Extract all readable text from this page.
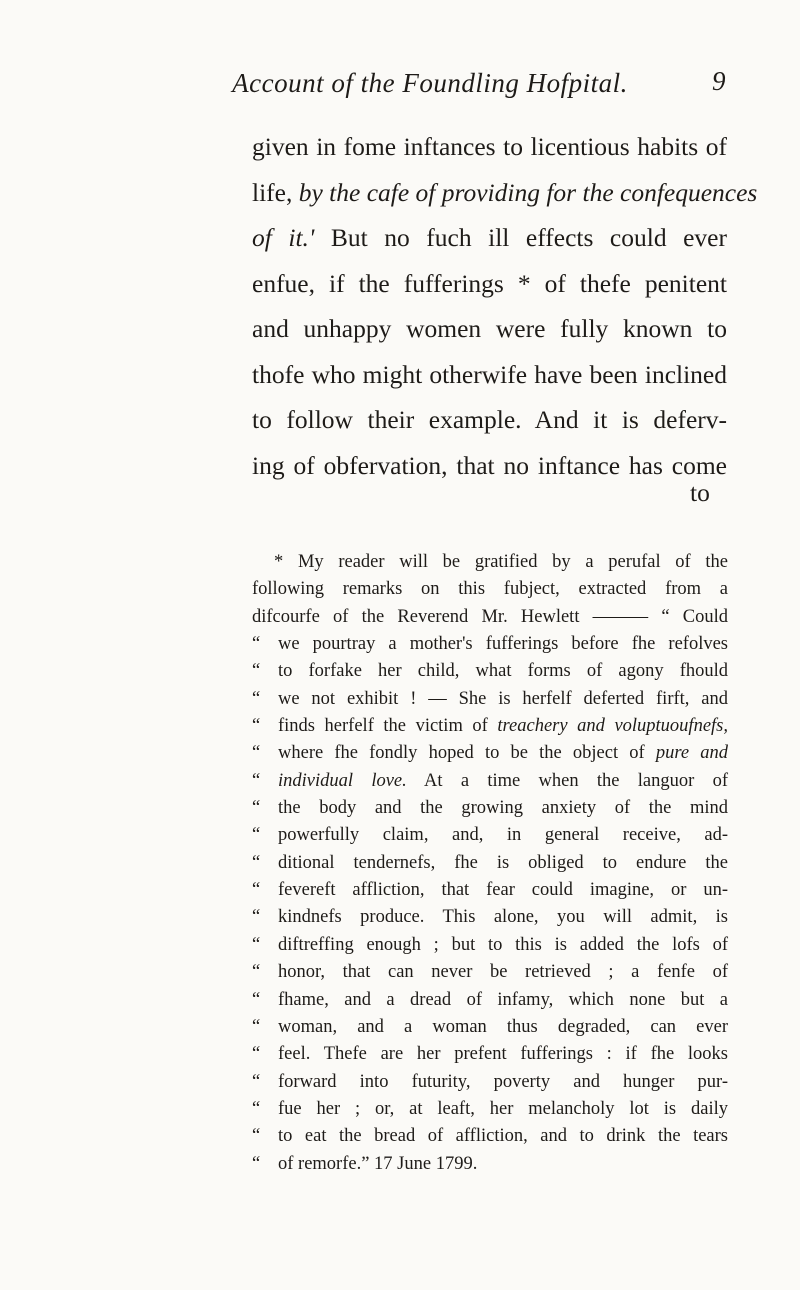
Account of the Foundling Hofpital.	9
given in fome inftances to licentious habits of
life, by the cafe of providing for the confequences
of it.' But no fuch ill effects could ever
enfue, if the fufferings * of thefe penitent
and unhappy women were fully known to
thofe who might otherwife have been inclined
to follow their example. And it is deferv-
ing of obfervation, that no inftance has come
to
* My reader will be gratified by a perufal of the
following remarks on this fubject, extracted from a
difcourfe of the Reverend Mr. Hewlett ——— “ Could
“ we pourtray a mother's fufferings before fhe refolves
“ to forfake her child, what forms of agony fhould
“ we not exhibit ! — She is herfelf deferted firft, and
“ finds herfelf the victim of treachery and voluptuoufnefs,
“ where fhe fondly hoped to be the object of pure and
“ individual love. At a time when the languor of
“ the body and the growing anxiety of the mind
“ powerfully claim, and, in general receive, ad-
“ ditional tendernefs, fhe is obliged to endure the
“ fevereft affliction, that fear could imagine, or un-
“ kindnefs produce. This alone, you will admit, is
“ diftreffing enough ; but to this is added the lofs of
“ honor, that can never be retrieved ; a fenfe of
“ fhame, and a dread of infamy, which none but a
“ woman, and a woman thus degraded, can ever
“ feel. Thefe are her prefent fufferings : if fhe looks
“ forward into futurity, poverty and hunger pur-
“ fue her ; or, at leaft, her melancholy lot is daily
“ to eat the bread of affliction, and to drink the tears
“ of remorfe.” 17 June 1799.
